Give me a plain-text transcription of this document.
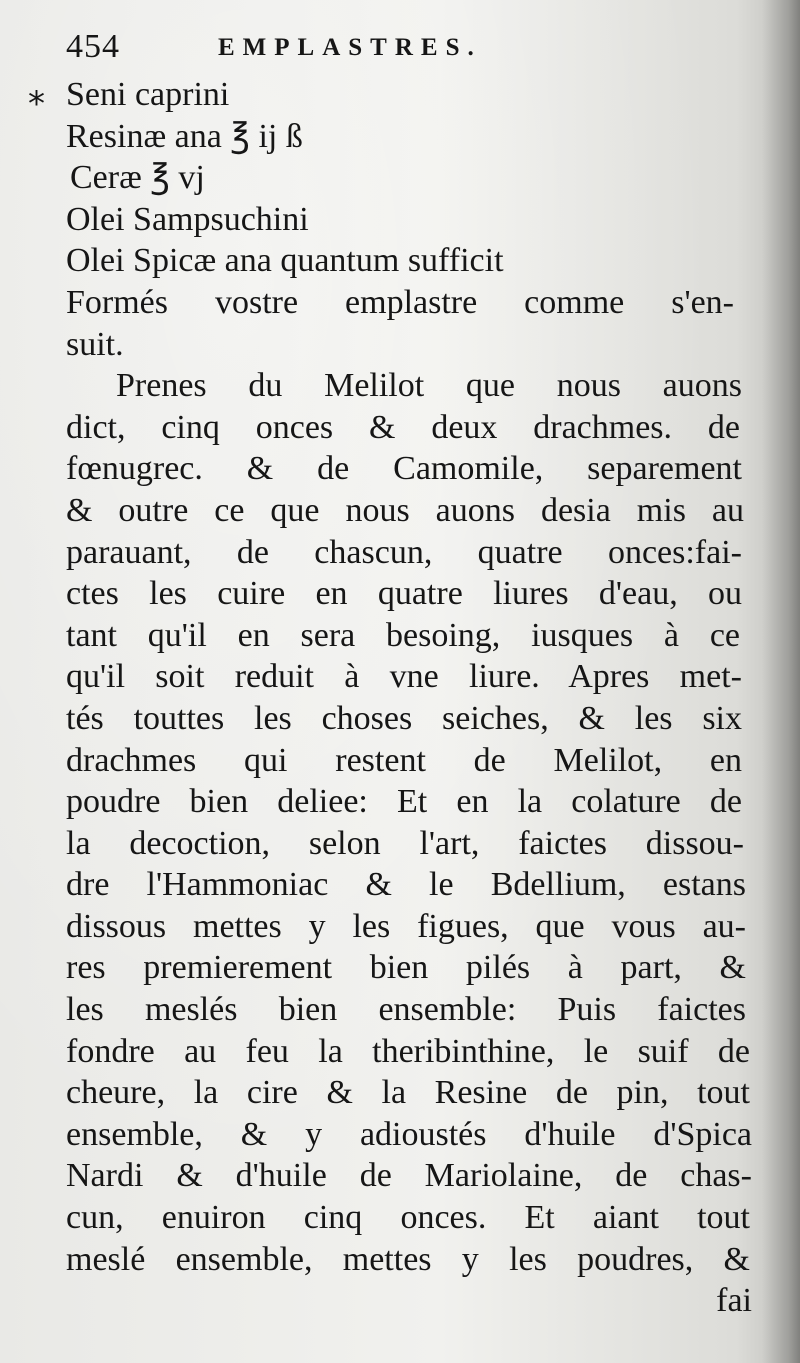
454	EMPLASTRES.
* Seni caprini
Resinæ ana ℥ ij ß
Ceræ ℥ vj
Olei Sampsuchini
Olei Spicæ ana quantum sufficit
Formés vostre emplastre comme s'en-
suit.
Prenes du Melilot que nous auons
dict, cinq onces & deux drachmes. de
fœnugrec. & de Camomile, separement
& outre ce que nous auons desia mis au
parauant, de chascun, quatre onces:fai-
ctes les cuire en quatre liures d'eau, ou
tant qu'il en sera besoing, iusques à ce
qu'il soit reduit à vne liure. Apres met-
tés touttes les choses seiches, & les six
drachmes qui restent de Melilot, en
poudre bien deliee: Et en la colature de
la decoction, selon l'art, faictes dissou-
dre l'Hammoniac & le Bdellium, estans
dissous mettes y les figues, que vous au-
res premierement bien pilés à part, &
les meslés bien ensemble: Puis faictes
fondre au feu la theribinthine, le suif de
cheure, la cire & la Resine de pin, tout
ensemble, & y adioustés d'huile d'Spica
Nardi & d'huile de Mariolaine, de chas-
cun, enuiron cinq onces. Et aiant tout
meslé ensemble, mettes y les poudres, &
fai
